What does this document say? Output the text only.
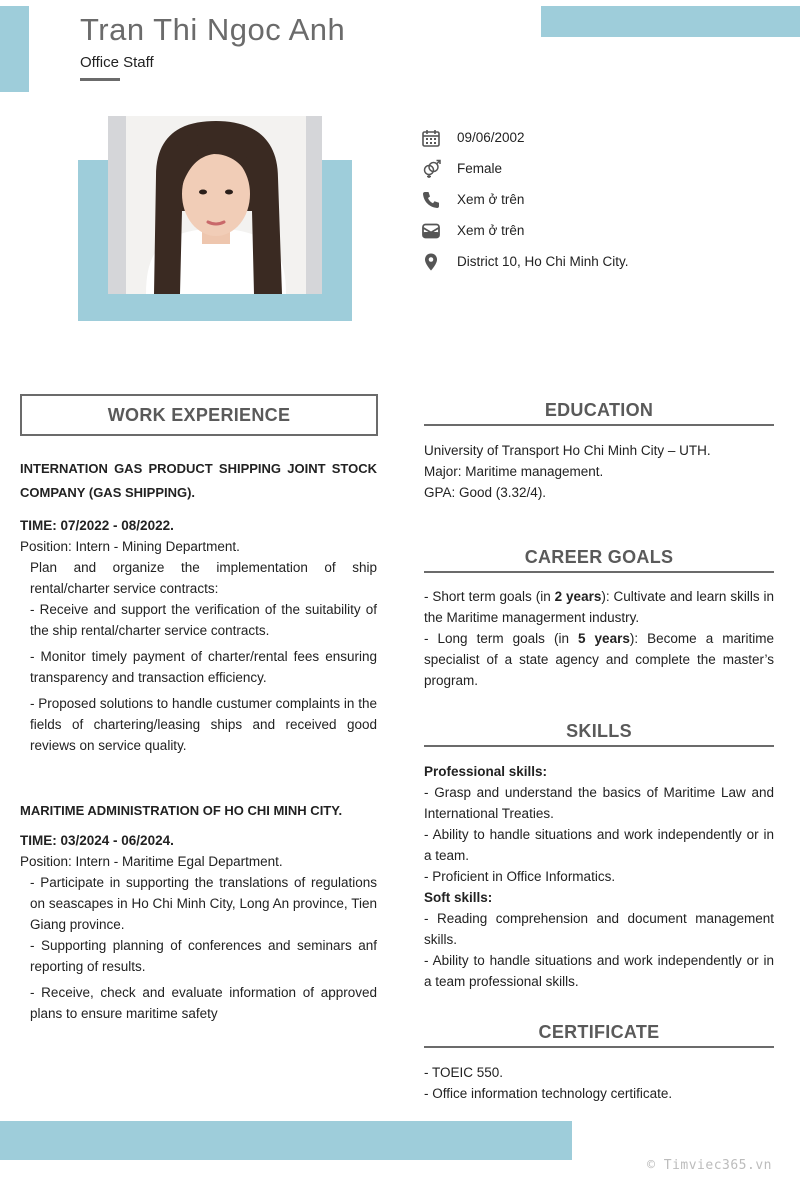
Tran Thi Ngoc Anh
Office Staff
09/06/2002
Female
Xem ở trên
Xem ở trên
District 10, Ho Chi Minh City.
WORK EXPERIENCE
INTERNATION GAS PRODUCT SHIPPING JOINT STOCK COMPANY (GAS SHIPPING).
TIME: 07/2022 - 08/2022.
Position: Intern - Mining Department.
Plan and organize the implementation of ship rental/charter service contracts:
- Receive and support the verification of the suitability of the ship rental/charter service contracts.
- Monitor timely payment of charter/rental fees ensuring transparency and transaction efficiency.
- Proposed solutions to handle custumer complaints in the fields of chartering/leasing ships and received good reviews on service quality.
MARITIME ADMINISTRATION OF HO CHI MINH CITY.
TIME: 03/2024 - 06/2024.
Position: Intern - Maritime Egal Department.
- Participate in supporting the translations of regulations on seascapes in Ho Chi Minh City, Long An province, Tien Giang province.
- Supporting planning of conferences and seminars anf reporting of results.
- Receive, check and evaluate information of approved plans to ensure maritime safety
EDUCATION
University of Transport Ho Chi Minh City – UTH.
Major: Maritime management.
GPA: Good (3.32/4).
CAREER GOALS
- Short term goals (in 2 years): Cultivate and learn skills in the Maritime managerment industry.
- Long term goals (in 5 years): Become a maritime specialist of a state agency and complete the master’s program.
SKILLS
Professional skills:
- Grasp and understand the basics of Maritime Law and International Treaties.
- Ability to handle situations and work independently or in a team.
- Proficient in Office Informatics.
Soft skills:
- Reading comprehension and document management skills.
- Ability to handle situations and work independently or in a team professional skills.
CERTIFICATE
- TOEIC 550.
- Office information technology certificate.
© Timviec365.vn
